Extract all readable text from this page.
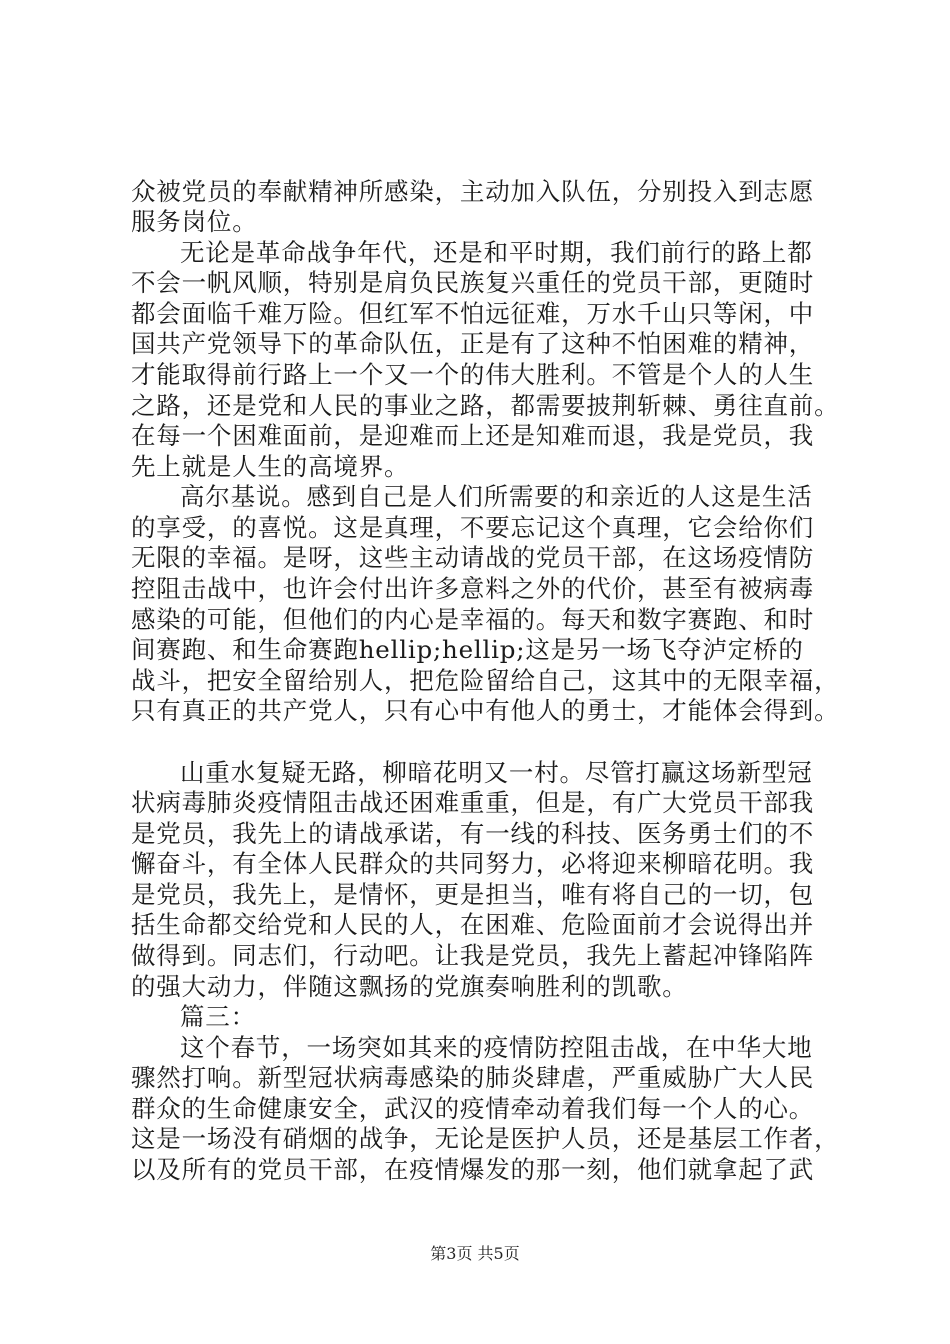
众被党员的奉献精神所感染，主动加入队伍，分别投入到志愿
服务岗位。
无论是革命战争年代，还是和平时期，我们前行的路上都
不会一帆风顺，特别是肩负民族复兴重任的党员干部，更随时
都会面临千难万险。但红军不怕远征难，万水千山只等闲，中
国共产党领导下的革命队伍，正是有了这种不怕困难的精神，
才能取得前行路上一个又一个的伟大胜利。不管是个人的人生
之路，还是党和人民的事业之路，都需要披荆斩棘、勇往直前。
在每一个困难面前，是迎难而上还是知难而退，我是党员，我
先上就是人生的高境界。
高尔基说。感到自己是人们所需要的和亲近的人这是生活
的享受，的喜悦。这是真理，不要忘记这个真理，它会给你们
无限的幸福。是呀，这些主动请战的党员干部，在这场疫情防
控阻击战中，也许会付出许多意料之外的代价，甚至有被病毒
感染的可能，但他们的内心是幸福的。每天和数字赛跑、和时
间赛跑、和生命赛跑hellip;hellip;这是另一场飞夺泸定桥的
战斗，把安全留给别人，把危险留给自己，这其中的无限幸福，
只有真正的共产党人，只有心中有他人的勇士，才能体会得到。
山重水复疑无路，柳暗花明又一村。尽管打赢这场新型冠
状病毒肺炎疫情阻击战还困难重重，但是，有广大党员干部我
是党员，我先上的请战承诺，有一线的科技、医务勇士们的不
懈奋斗，有全体人民群众的共同努力，必将迎来柳暗花明。我
是党员，我先上，是情怀，更是担当，唯有将自己的一切，包
括生命都交给党和人民的人，在困难、危险面前才会说得出并
做得到。同志们，行动吧。让我是党员，我先上蓄起冲锋陷阵
的强大动力，伴随这飘扬的党旗奏响胜利的凯歌。
篇三：
这个春节，一场突如其来的疫情防控阻击战，在中华大地
骤然打响。新型冠状病毒感染的肺炎肆虐，严重威胁广大人民
群众的生命健康安全，武汉的疫情牵动着我们每一个人的心。
这是一场没有硝烟的战争，无论是医护人员，还是基层工作者，
以及所有的党员干部，在疫情爆发的那一刻，他们就拿起了武
第3页 共5页
